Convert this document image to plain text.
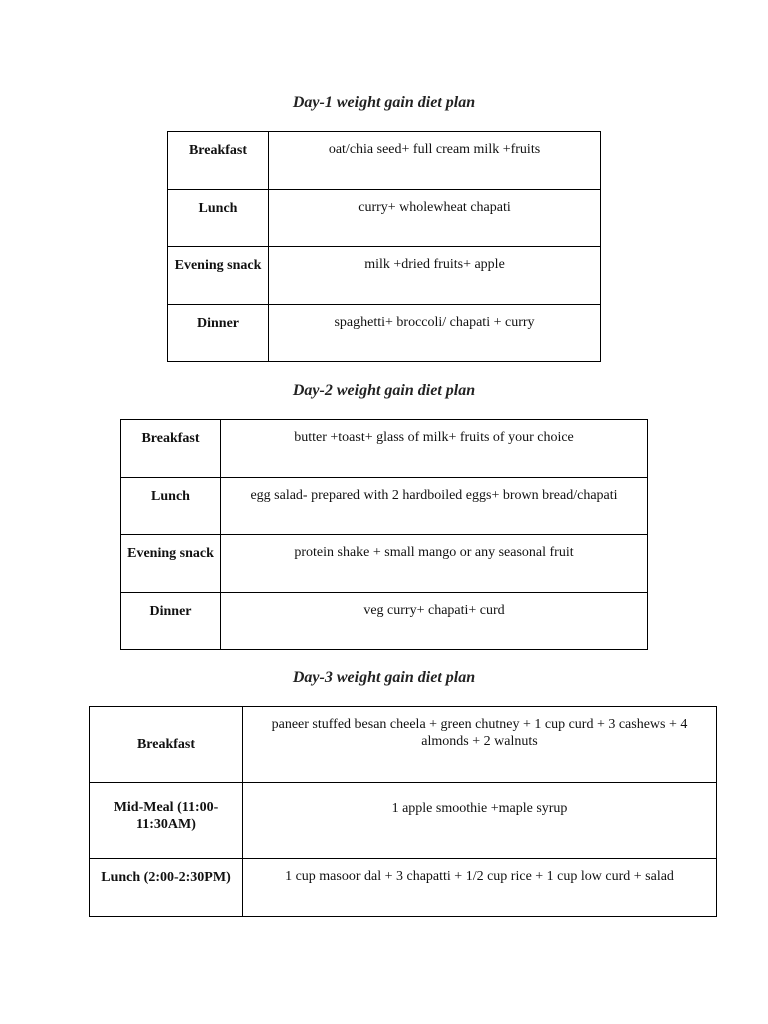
Day-1 weight gain diet plan
Breakfast	oat/chia seed+ full cream milk +fruits
Lunch	curry+ wholewheat chapati
Evening snack	milk +dried fruits+ apple
Dinner	spaghetti+ broccoli/ chapati + curry
Day-2 weight gain diet plan
Breakfast	butter +toast+ glass of milk+ fruits of your choice
Lunch	egg salad- prepared with 2 hardboiled eggs+ brown bread/chapati
Evening snack	protein shake + small mango or any seasonal fruit
Dinner	veg curry+ chapati+ curd
Day-3 weight gain diet plan
Breakfast	paneer stuffed besan cheela + green chutney + 1 cup curd + 3 cashews + 4 almonds + 2 walnuts
Mid-Meal (11:00-11:30AM)	1 apple smoothie +maple syrup
Lunch (2:00-2:30PM)	1 cup masoor dal + 3 chapatti + 1/2 cup rice + 1 cup low curd + salad
